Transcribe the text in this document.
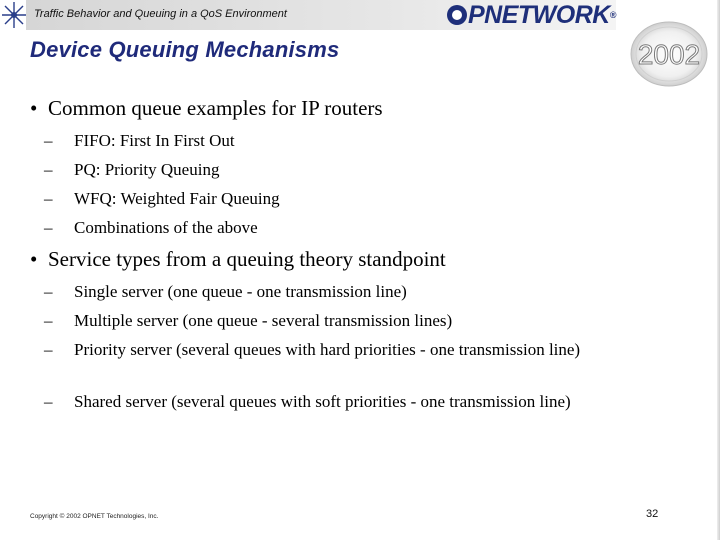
Traffic Behavior and Queuing in a QoS Environment	PNETWORK®
2002
Device Queuing Mechanisms
• Common queue examples for IP routers
– FIFO: First In First Out
– PQ: Priority Queuing
– WFQ: Weighted Fair Queuing
– Combinations of the above
• Service types from a queuing theory standpoint
– Single server (one queue - one transmission line)
– Multiple server (one queue - several transmission lines)
– Priority server (several queues with hard priorities - one transmission line)
– Shared server (several queues with soft priorities - one transmission line)
Copyright © 2002 OPNET Technologies, Inc.	32
